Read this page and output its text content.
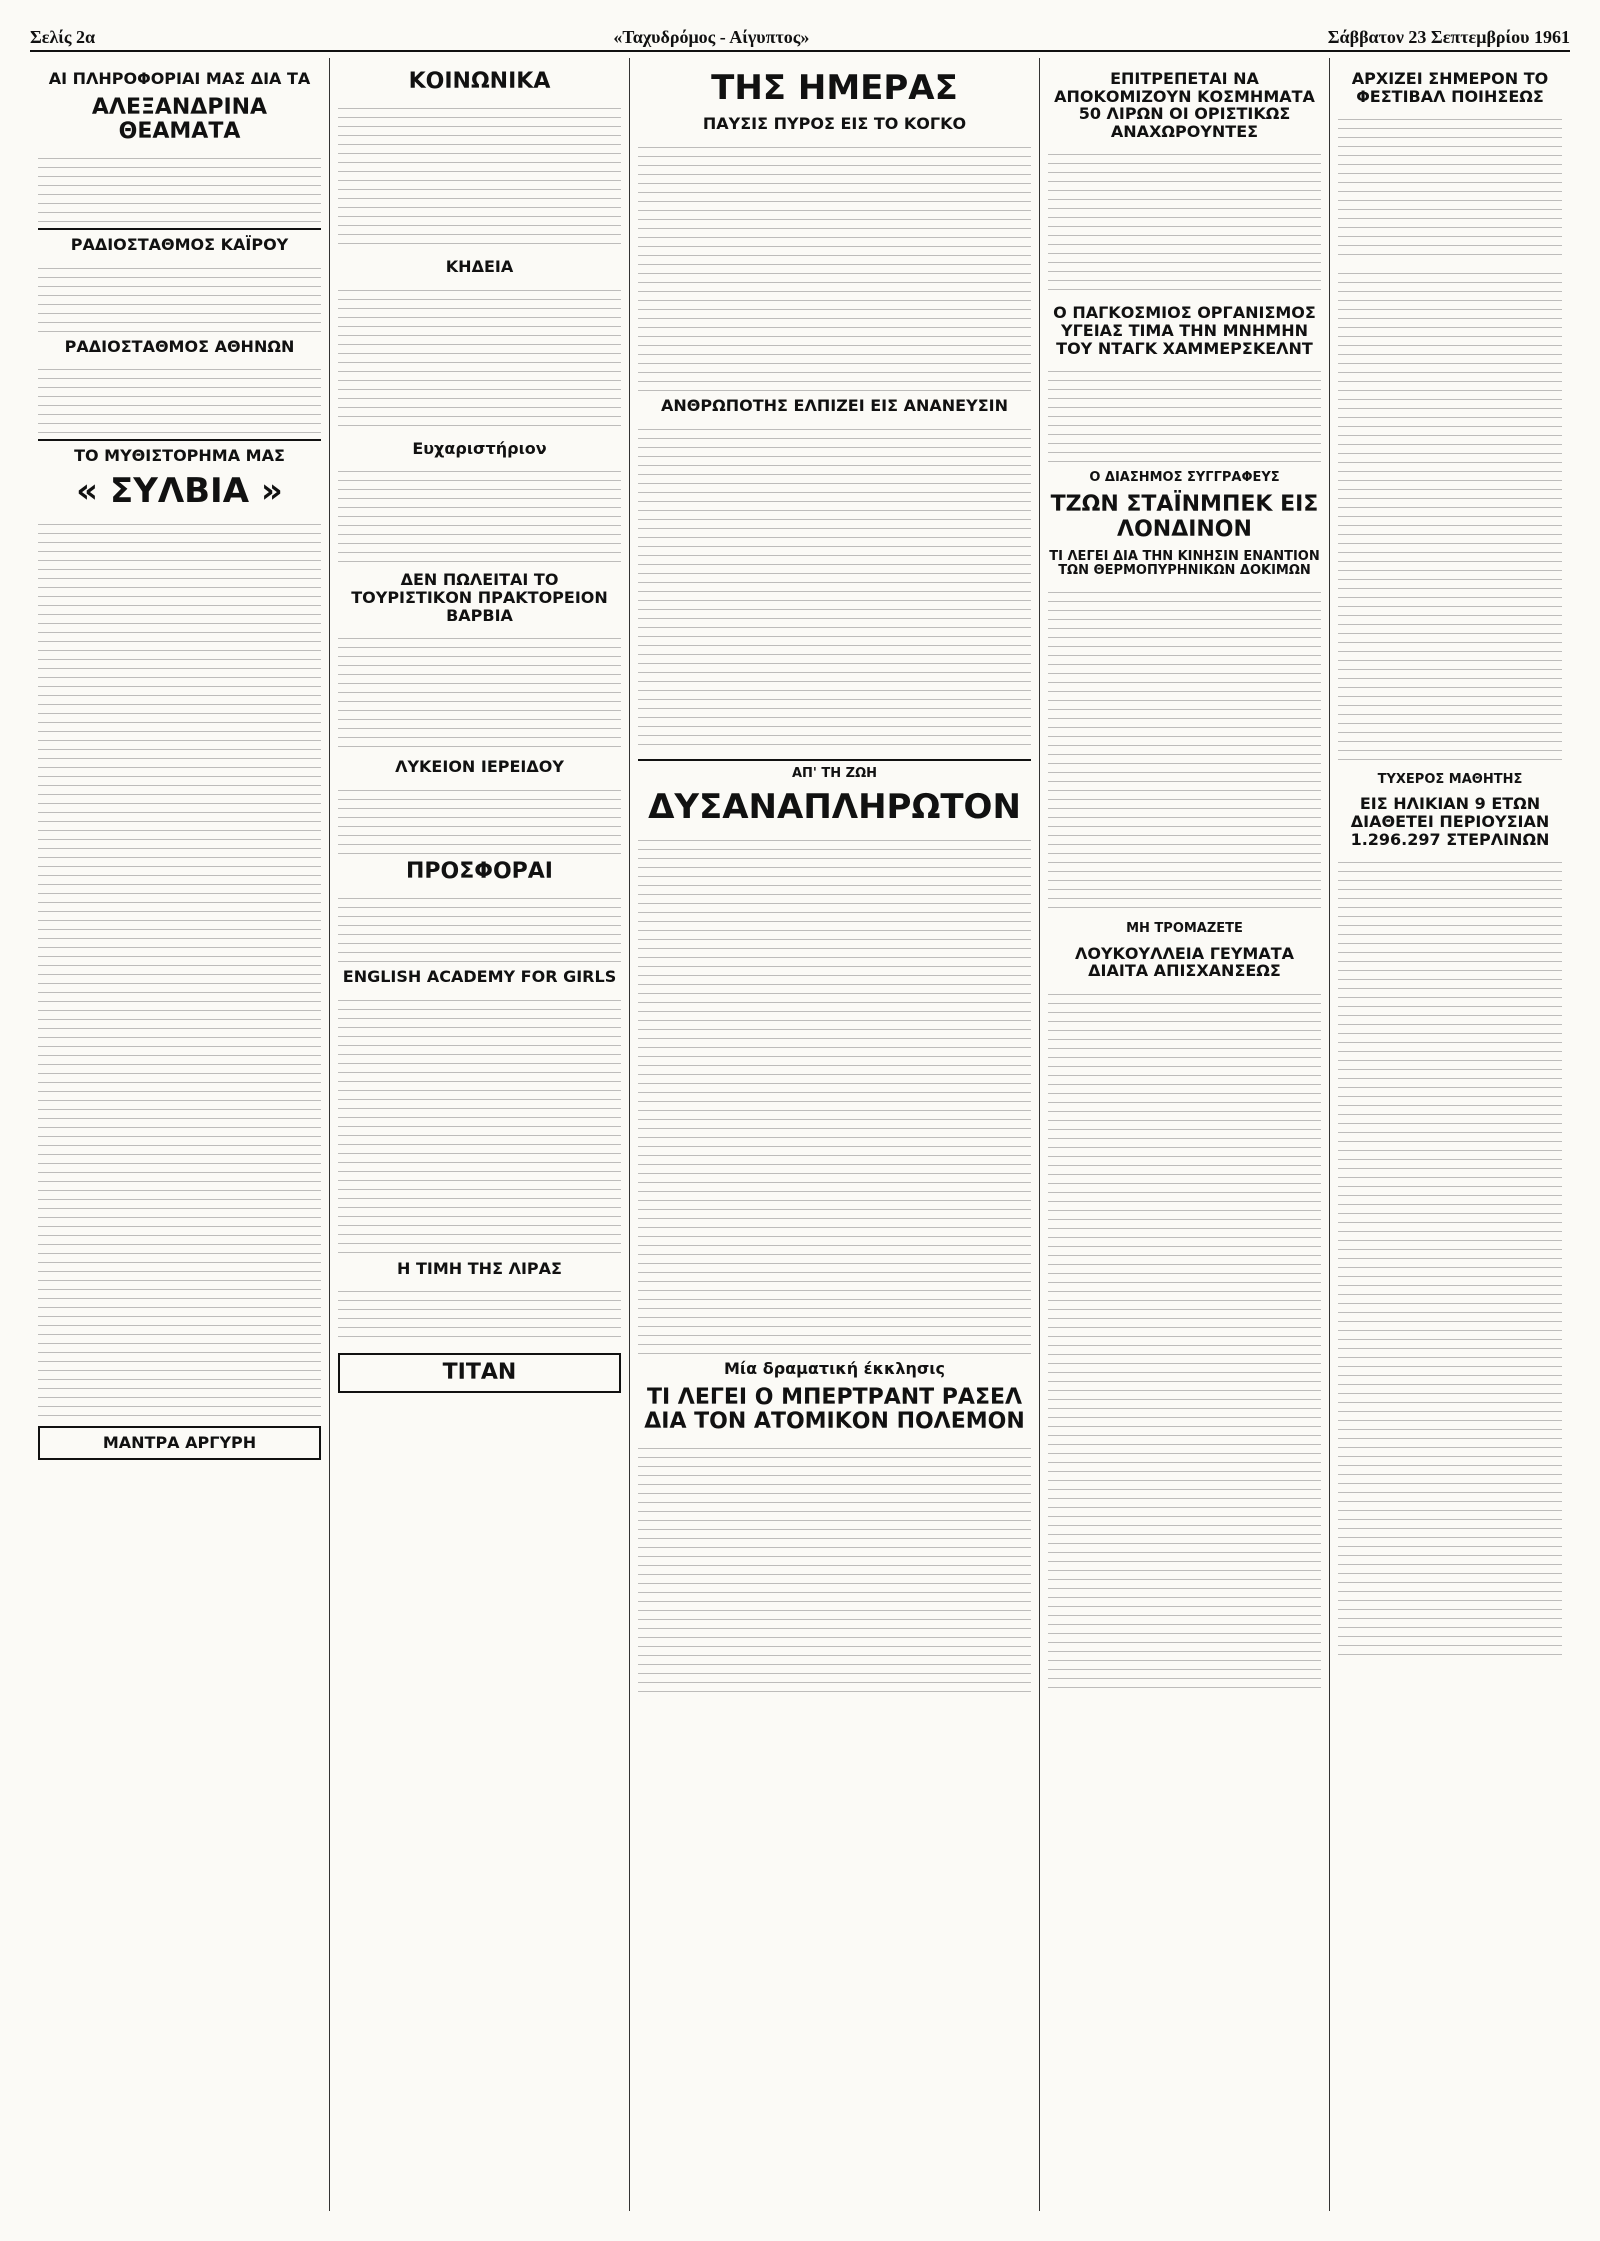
Σελίς 2α	«Ταχυδρόμος - Αίγυπτος»	Σάββατον 23 Σεπτεμβρίου 1961
ΑΙ ΠΛΗΡΟΦΟΡΙΑΙ ΜΑΣ ΔΙΑ ΤΑ
ΑΛΕΞΑΝΔΡΙΝΑ ΘΕΑΜΑΤΑ
ΡΑΔΙΟΣΤΑΘΜΟΣ ΚΑΪΡΟΥ
ΡΑΔΙΟΣΤΑΘΜΟΣ ΑΘΗΝΩΝ
ΤΟ ΜΥΘΙΣΤΟΡΗΜΑ ΜΑΣ
« ΣΥΛΒΙΑ »
ΜΑΝΤΡΑ ΑΡΓΥΡΗ
ΚΟΙΝΩΝΙΚΑ
ΚΗΔΕΙΑ
Ευχαριστήριον
ΔΕΝ ΠΩΛΕΙΤΑΙ ΤΟ ΤΟΥΡΙΣΤΙΚΟΝ ΠΡΑΚΤΟΡΕΙΟΝ ΒΑΡΒΙΑ
ΛΥΚΕΙΟΝ ΙΕΡΕΙΔΟΥ
ΠΡΟΣΦΟΡΑΙ
ENGLISH ACADEMY FOR GIRLS
Η ΤΙΜΗ ΤΗΣ ΛΙΡΑΣ
ΤΙΤΑΝ
ΤΗΣ ΗΜΕΡΑΣ
ΠΑΥΣΙΣ ΠΥΡΟΣ ΕΙΣ ΤΟ ΚΟΓΚΟ
ΑΝΘΡΩΠΟΤΗΣ ΕΛΠΙΖΕΙ ΕΙΣ ΑΝΑΝΕΥΣΙΝ
ΑΠ' ΤΗ ΖΩΗ
ΔΥΣΑΝΑΠΛΗΡΩΤΟΝ
Μία δραματική έκκλησις
ΤΙ ΛΕΓΕΙ Ο ΜΠΕΡΤΡΑΝΤ ΡΑΣΕΛ ΔΙΑ ΤΟΝ ΑΤΟΜΙΚΟΝ ΠΟΛΕΜΟΝ
ΕΠΙΤΡΕΠΕΤΑΙ ΝΑ ΑΠΟΚΟΜΙΖΟΥΝ ΚΟΣΜΗΜΑΤΑ 50 ΛΙΡΩΝ ΟΙ ΟΡΙΣΤΙΚΩΣ ΑΝΑΧΩΡΟΥΝΤΕΣ
Ο ΠΑΓΚΟΣΜΙΟΣ ΟΡΓΑΝΙΣΜΟΣ ΥΓΕΙΑΣ ΤΙΜΑ ΤΗΝ ΜΝΗΜΗΝ ΤΟΥ ΝΤΑΓΚ ΧΑΜΜΕΡΣΚΕΛΝΤ
Ο ΔΙΑΣΗΜΟΣ ΣΥΓΓΡΑΦΕΥΣ
ΤΖΩΝ ΣΤΑΪΝΜΠΕΚ ΕΙΣ ΛΟΝΔΙΝΟΝ
ΤΙ ΛΕΓΕΙ ΔΙΑ ΤΗΝ ΚΙΝΗΣΙΝ ΕΝΑΝΤΙΟΝ ΤΩΝ ΘΕΡΜΟΠΥΡΗΝΙΚΩΝ ΔΟΚΙΜΩΝ
ΜΗ ΤΡΟΜΑΖΕΤΕ
ΛΟΥΚΟΥΛΛΕΙΑ ΓΕΥΜΑΤΑ ΔΙΑΙΤΑ ΑΠΙΣΧΑΝΣΕΩΣ
ΑΡΧΙΖΕΙ ΣΗΜΕΡΟΝ ΤΟ ΦΕΣΤΙΒΑΛ ΠΟΙΗΣΕΩΣ
ΤΥΧΕΡΟΣ ΜΑΘΗΤΗΣ
ΕΙΣ ΗΛΙΚΙΑΝ 9 ΕΤΩΝ ΔΙΑΘΕΤΕΙ ΠΕΡΙΟΥΣΙΑΝ 1.296.297 ΣΤΕΡΛΙΝΩΝ
